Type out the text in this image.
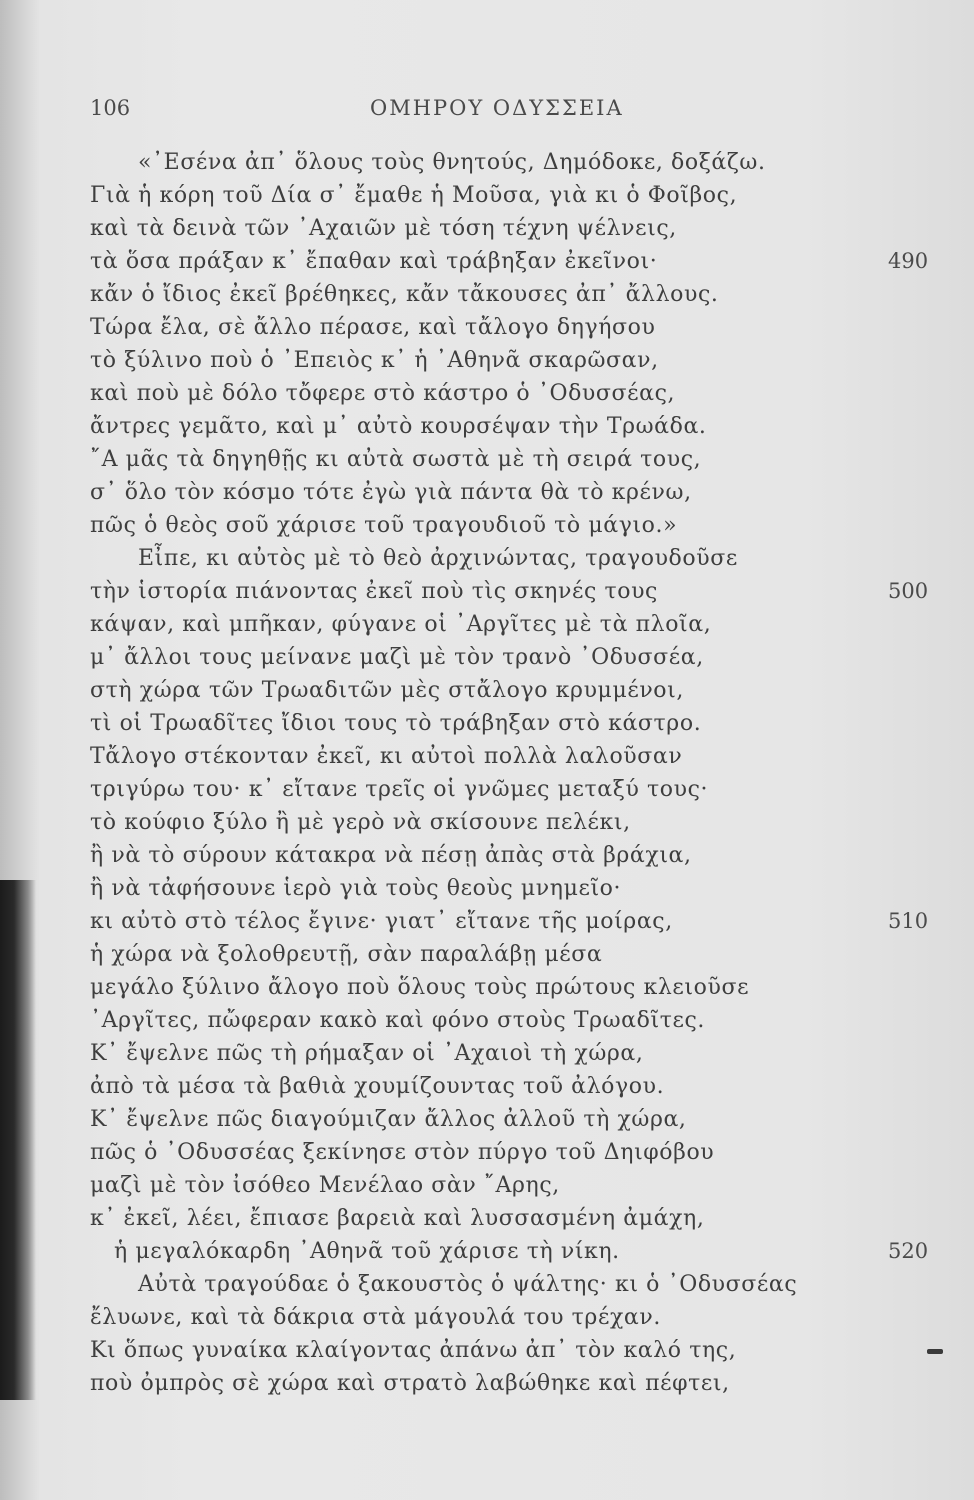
106	ΟΜΗΡΟΥ ΟΔΥΣΣΕΙΑ
«᾿Εσένα ἀπ᾿ ὅλους τοὺς θνητούς, Δημόδοκε, δοξάζω.
Γιὰ ἡ κόρη τοῦ Δία σ᾿ ἔμαθε ἡ Μοῦσα, γιὰ κι ὁ Φοῖβος,
καὶ τὰ δεινὰ τῶν ᾿Αχαιῶν μὲ τόση τέχνη ψέλνεις,
τὰ ὅσα πράξαν κ᾿ ἔπαθαν καὶ τράβηξαν ἐκεῖνοι·
κἄν ὁ ἴδιος ἐκεῖ βρέθηκες, κἄν τἄκουσες ἀπ᾿ ἄλλους.
Τώρα ἔλα, σὲ ἄλλο πέρασε, καὶ τἄλογο δηγήσου
τὸ ξύλινο ποὺ ὁ ᾿Επειὸς κ᾿ ἡ ᾿Αθηνᾶ σκαρῶσαν,
καὶ ποὺ μὲ δόλο τὄφερε στὸ κάστρο ὁ ᾿Οδυσσέας,
ἄντρες γεμᾶτο, καὶ μ᾿ αὐτὸ κουρσέψαν τὴν Τρωάδα.
῎Α μᾶς τὰ δηγηθῇς κι αὐτὰ σωστὰ μὲ τὴ σειρά τους,
σ᾿ ὅλο τὸν κόσμο τότε ἐγὼ γιὰ πάντα θὰ τὸ κρένω,
πῶς ὁ θεὸς σοῦ χάρισε τοῦ τραγουδιοῦ τὸ μάγιο.»
Εἶπε, κι αὐτὸς μὲ τὸ θεὸ ἀρχινώντας, τραγουδοῦσε
τὴν ἱστορία πιάνοντας ἐκεῖ ποὺ τὶς σκηνές τους
κάψαν, καὶ μπῆκαν, φύγανε οἱ ᾿Αργῖτες μὲ τὰ πλοῖα,
μ᾿ ἄλλοι τους μείνανε μαζὶ μὲ τὸν τρανὸ ᾿Οδυσσέα,
στὴ χώρα τῶν Τρωαδιτῶν μὲς στἄλογο κρυμμένοι,
τὶ οἱ Τρωαδῖτες ἴδιοι τους τὸ τράβηξαν στὸ κάστρο.
Τἄλογο στέκονταν ἐκεῖ, κι αὐτοὶ πολλὰ λαλοῦσαν
τριγύρω του· κ᾿ εἴτανε τρεῖς οἱ γνῶμες μεταξύ τους·
τὸ κούφιο ξύλο ἢ μὲ γερὸ νὰ σκίσουνε πελέκι,
ἢ νὰ τὸ σύρουν κάτακρα νὰ πέσῃ ἀπὰς στὰ βράχια,
ἢ νὰ τἀφήσουνε ἱερὸ γιὰ τοὺς θεοὺς μνημεῖο·
κι αὐτὸ στὸ τέλος ἔγινε· γιατ᾿ εἴτανε τῆς μοίρας,
ἡ χώρα νὰ ξολοθρευτῇ, σὰν παραλάβῃ μέσα
μεγάλο ξύλινο ἄλογο ποὺ ὅλους τοὺς πρώτους κλειοῦσε
᾿Αργῖτες, πὤφεραν κακὸ καὶ φόνο στοὺς Τρωαδῖτες.
Κ᾿ ἔψελνε πῶς τὴ ρήμαξαν οἱ ᾿Αχαιοὶ τὴ χώρα,
ἀπὸ τὰ μέσα τὰ βαθιὰ χουμίζουντας τοῦ ἀλόγου.
Κ᾿ ἔψελνε πῶς διαγούμιζαν ἄλλος ἀλλοῦ τὴ χώρα,
πῶς ὁ ᾿Οδυσσέας ξεκίνησε στὸν πύργο τοῦ Δηιφόβου
μαζὶ μὲ τὸν ἰσόθεο Μενέλαο σὰν ῎Αρης,
κ᾿ ἐκεῖ, λέει, ἔπιασε βαρειὰ καὶ λυσσασμένη ἀμάχη,
ἡ μεγαλόκαρδη ᾿Αθηνᾶ τοῦ χάρισε τὴ νίκη.
Αὐτὰ τραγούδαε ὁ ξακουστὸς ὁ ψάλτης· κι ὁ ᾿Οδυσσέας
ἔλυωνε, καὶ τὰ δάκρια στὰ μάγουλά του τρέχαν.
Κι ὅπως γυναίκα κλαίγοντας ἀπάνω ἀπ᾿ τὸν καλό της,
ποὺ ὀμπρὸς σὲ χώρα καὶ στρατὸ λαβώθηκε καὶ πέφτει,
490
500
510
520
